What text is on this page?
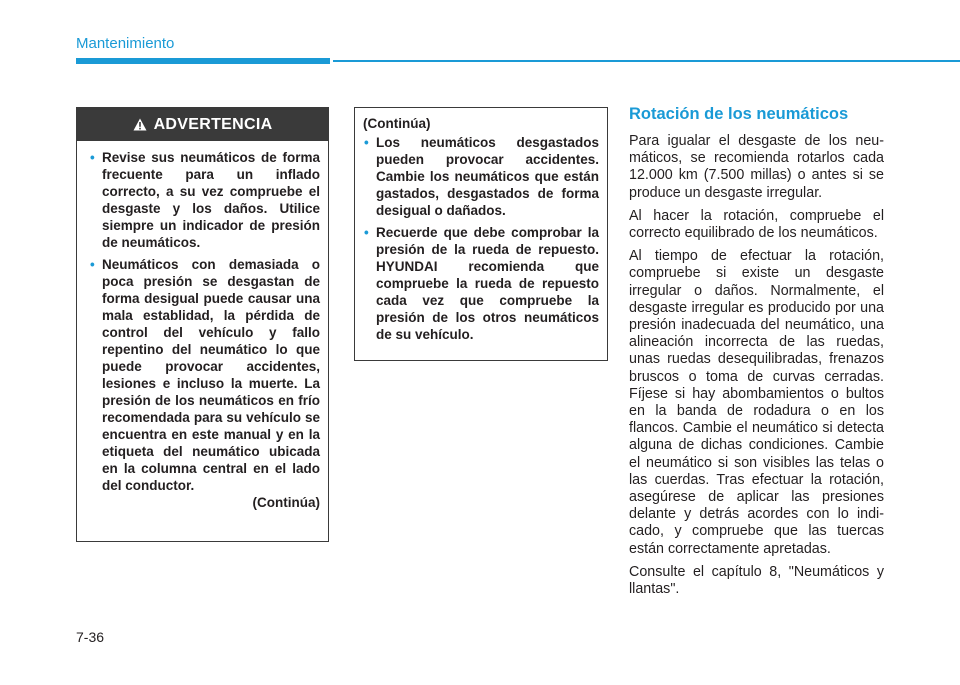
Mantenimiento
ADVERTENCIA
• Revise sus neumáticos de forma frecuente para un inflado correcto, a su vez compruebe el desgaste y los daños. Utilice siempre un indicador de presión de neumáticos.
• Neumáticos con demasiada o poca presión se desgastan de forma desigual puede causar una mala establidad, la pérdida de control del vehículo y fallo repentino del neumático lo que puede provocar accidentes, lesiones e incluso la muerte. La presión de los neumáticos en frío recomendada para su vehículo se encuentra en este manual y en la etiqueta del neumático ubicada en la columna central en el lado del conductor.
(Continúa)
(Continúa)
• Los neumáticos desgastados pueden provocar accidentes. Cambie los neumáticos que están gastados, desgastados de forma desigual o dañados.
• Recuerde que debe comprobar la presión de la rueda de repuesto. HYUNDAI recomienda que compruebe la rueda de repuesto cada vez que compruebe la presión de los otros neumáticos de su vehículo.
Rotación de los neumáticos

Para igualar el desgaste de los neumáticos, se recomienda rotarlos cada 12.000 km (7.500 millas) o antes si se produce un desgaste irregular.

Al hacer la rotación, compruebe el correcto equilibrado de los neumáticos.

Al tiempo de efectuar la rotación, compruebe si existe un desgaste irregular o daños. Normalmente, el desgaste irregular es producido por una presión inadecuada del neumático, una alineación incorrecta de las ruedas, unas ruedas desequilibradas, frenazos bruscos o toma de curvas cerradas. Fíjese si hay abombamientos o bultos en la banda de rodadura o en los flancos. Cambie el neumático si detecta alguna de dichas condiciones. Cambie el neumático si son visibles las telas o las cuerdas. Tras efectuar la rotación, asegúrese de aplicar las presiones delante y detrás acordes con lo indicado, y compruebe que las tuercas están correctamente apretadas.

Consulte el capítulo 8, "Neumáticos y llantas".

7-36
